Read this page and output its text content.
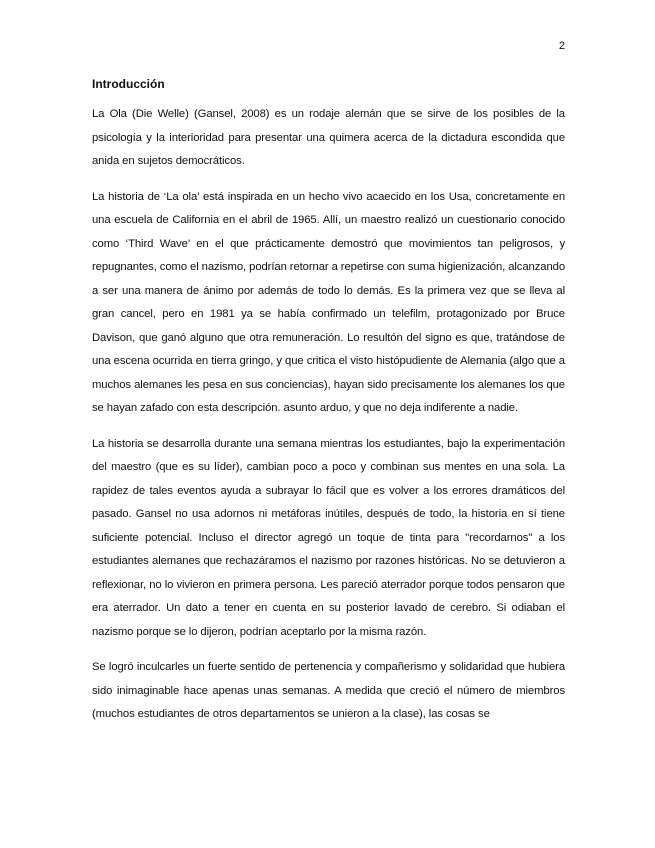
2
Introducción

La Ola (Die Welle) (Gansel, 2008) es un rodaje alemán que se sirve de los posibles de la psicología y la interioridad para presentar una quimera acerca de la dictadura escondida que anida en sujetos democráticos.

La historia de ‘La ola’ está inspirada en un hecho vivo acaecido en los Usa, concretamente en una escuela de California en el abril de 1965. Allí, un maestro realizó un cuestionario conocido como ‘Third Wave’ en el que prácticamente demostró que movimientos tan peligrosos, y repugnantes, como el nazismo, podrían retornar a repetirse con suma higienización, alcanzando a ser una manera de ánimo por además de todo lo demás. Es la primera vez que se lleva al gran cancel, pero en 1981 ya se había confirmado un telefilm, protagonizado por Bruce Davison, que ganó alguno que otra remuneración. Lo resultón del signo es que, tratándose de una escena ocurrida en tierra gringo, y que critica el visto histópudiente de Alemania (algo que a muchos alemanes les pesa en sus conciencias), hayan sido precisamente los alemanes los que se hayan zafado con esta descripción. asunto arduo, y que no deja indiferente a nadie.

La historia se desarrolla durante una semana mientras los estudiantes, bajo la experimentación del maestro (que es su líder), cambian poco a poco y combinan sus mentes en una sola. La rapidez de tales eventos ayuda a subrayar lo fácil que es volver a los errores dramáticos del pasado. Gansel no usa adornos ni metáforas inútiles, después de todo, la historia en sí tiene suficiente potencial. Incluso el director agregó un toque de tinta para "recordarnos" a los estudiantes alemanes que rechazáramos el nazismo por razones históricas. No se detuvieron a reflexionar, no lo vivieron en primera persona. Les pareció aterrador porque todos pensaron que era aterrador. Un dato a tener en cuenta en su posterior lavado de cerebro. Si odiaban el nazismo porque se lo dijeron, podrían aceptarlo por la misma razón.

Se logró inculcarles un fuerte sentido de pertenencia y compañerismo y solidaridad que hubiera sido inimaginable hace apenas unas semanas. A medida que creció el número de miembros (muchos estudiantes de otros departamentos se unieron a la clase), las cosas se
